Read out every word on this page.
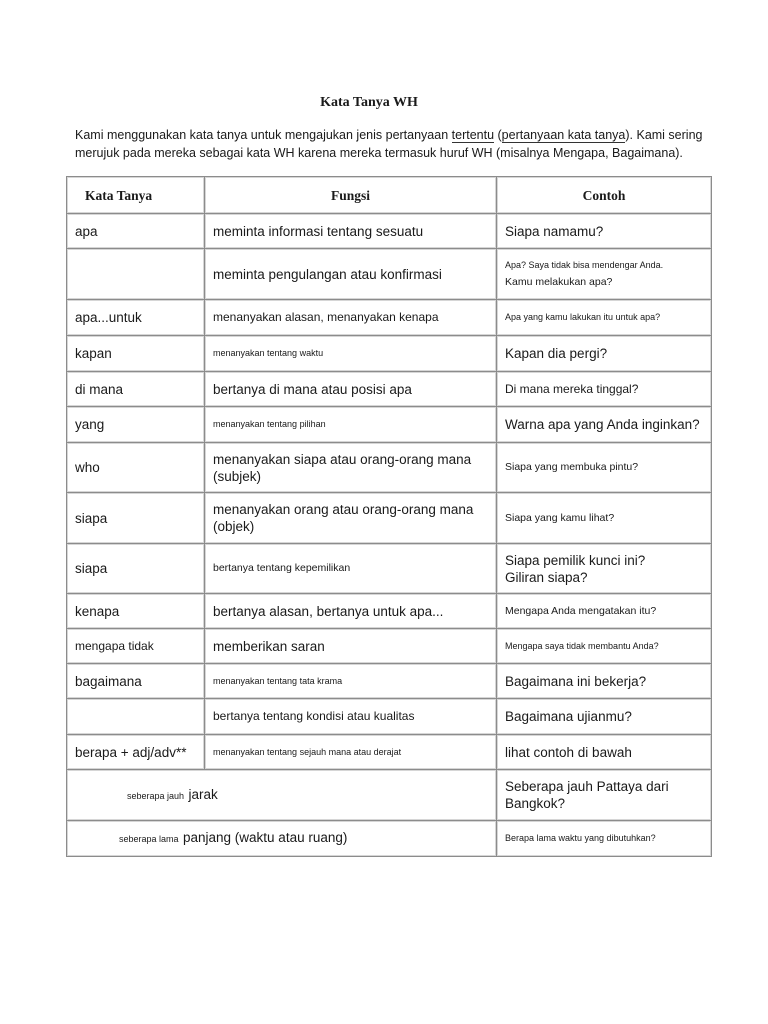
Kata Tanya WH
Kami menggunakan kata tanya untuk mengajukan jenis pertanyaan tertentu (pertanyaan kata tanya). Kami sering merujuk pada mereka sebagai kata WH karena mereka termasuk huruf WH (misalnya Mengapa, Bagaimana).
Kata Tanya	Fungsi	Contoh
apa	meminta informasi tentang sesuatu	Siapa namamu?
	meminta pengulangan atau konfirmasi	Apa? Saya tidak bisa mendengar Anda.
Kamu melakukan apa?

apa...untuk	menanyakan alasan, menanyakan kenapa	Apa yang kamu lakukan itu untuk apa?
kapan	menanyakan tentang waktu	Kapan dia pergi?
di mana	bertanya di mana atau posisi apa	Di mana mereka tinggal?
yang	menanyakan tentang pilihan	Warna apa yang Anda inginkan?
who	menanyakan siapa atau orang-orang mana (subjek)	Siapa yang membuka pintu?
siapa	menanyakan orang atau orang-orang mana (objek)	Siapa yang kamu lihat?
siapa	bertanya tentang kepemilikan	Siapa pemilik kunci ini?
Giliran siapa?

kenapa	bertanya alasan, bertanya untuk apa...	Mengapa Anda mengatakan itu?
mengapa tidak	memberikan saran	Mengapa saya tidak membantu Anda?
bagaimana	menanyakan tentang tata krama	Bagaimana ini bekerja?
	bertanya tentang kondisi atau kualitas	Bagaimana ujianmu?
berapa + adj/adv**	menanyakan tentang sejauh mana atau derajat	lihat contoh di bawah
seberapa jauh jarak		Seberapa jauh Pattaya dari Bangkok?
seberapa lama panjang (waktu atau ruang)		Berapa lama waktu yang dibutuhkan?
